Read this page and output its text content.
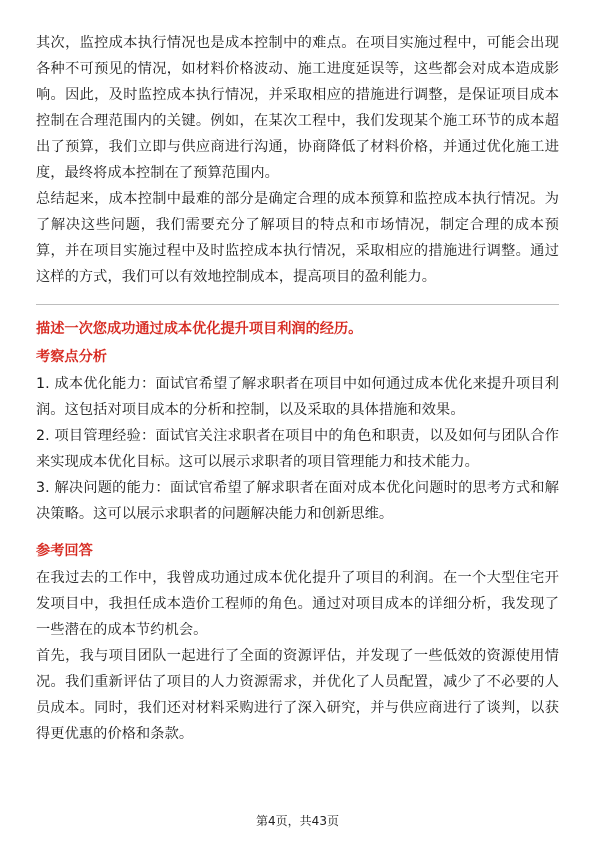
其次，监控成本执行情况也是成本控制中的难点。在项目实施过程中，可能会出现各种不可预见的情况，如材料价格波动、施工进度延误等，这些都会对成本造成影响。因此，及时监控成本执行情况，并采取相应的措施进行调整，是保证项目成本控制在合理范围内的关键。例如，在某次工程中，我们发现某个施工环节的成本超出了预算，我们立即与供应商进行沟通，协商降低了材料价格，并通过优化施工进度，最终将成本控制在了预算范围内。

总结起来，成本控制中最难的部分是确定合理的成本预算和监控成本执行情况。为了解决这些问题，我们需要充分了解项目的特点和市场情况，制定合理的成本预算，并在项目实施过程中及时监控成本执行情况，采取相应的措施进行调整。通过这样的方式，我们可以有效地控制成本，提高项目的盈利能力。

描述一次您成功通过成本优化提升项目利润的经历。

考察点分析

1. 成本优化能力：面试官希望了解求职者在项目中如何通过成本优化来提升项目利润。这包括对项目成本的分析和控制，以及采取的具体措施和效果。

2. 项目管理经验：面试官关注求职者在项目中的角色和职责，以及如何与团队合作来实现成本优化目标。这可以展示求职者的项目管理能力和技术能力。

3. 解决问题的能力：面试官希望了解求职者在面对成本优化问题时的思考方式和解决策略。这可以展示求职者的问题解决能力和创新思维。

参考回答

在我过去的工作中，我曾成功通过成本优化提升了项目的利润。在一个大型住宅开发项目中，我担任成本造价工程师的角色。通过对项目成本的详细分析，我发现了一些潜在的成本节约机会。

首先，我与项目团队一起进行了全面的资源评估，并发现了一些低效的资源使用情况。我们重新评估了项目的人力资源需求，并优化了人员配置，减少了不必要的人员成本。同时，我们还对材料采购进行了深入研究，并与供应商进行了谈判，以获得更优惠的价格和条款。

第4页，共43页
